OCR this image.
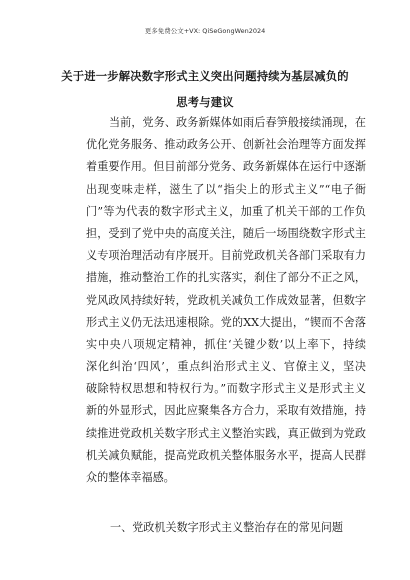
更多免费公文+VX: QiSeGongWen2024
关于进一步解决数字形式主义突出问题持续为基层减负的
思考与建议
当前，党务、政务新媒体如雨后春笋般接续涌现，在
优化党务服务、推动政务公开、创新社会治理等方面发挥
着重要作用。但目前部分党务、政务新媒体在运行中逐渐
出现变味走样，滋生了以“指尖上的形式主义”“电子衙
门”等为代表的数字形式主义，加重了机关干部的工作负
担，受到了党中央的高度关注，随后一场围绕数字形式主
义专项治理活动有序展开。目前党政机关各部门采取有力
措施，推动整治工作的扎实落实，刹住了部分不正之风，
党风政风持续好转，党政机关减负工作成效显著，但数字
形式主义仍无法迅速根除。党的XX大提出，“锲而不舍落
实中央八项规定精神，抓住‘关键少数’以上率下，持续
深化纠治‘四风’，重点纠治形式主义、官僚主义，坚决
破除特权思想和特权行为。”而数字形式主义是形式主义
新的外显形式，因此应聚集各方合力，采取有效措施，持
续推进党政机关数字形式主义整治实践，真正做到为党政
机关减负赋能，提高党政机关整体服务水平，提高人民群
众的整体幸福感。
一、党政机关数字形式主义整治存在的常见问题
